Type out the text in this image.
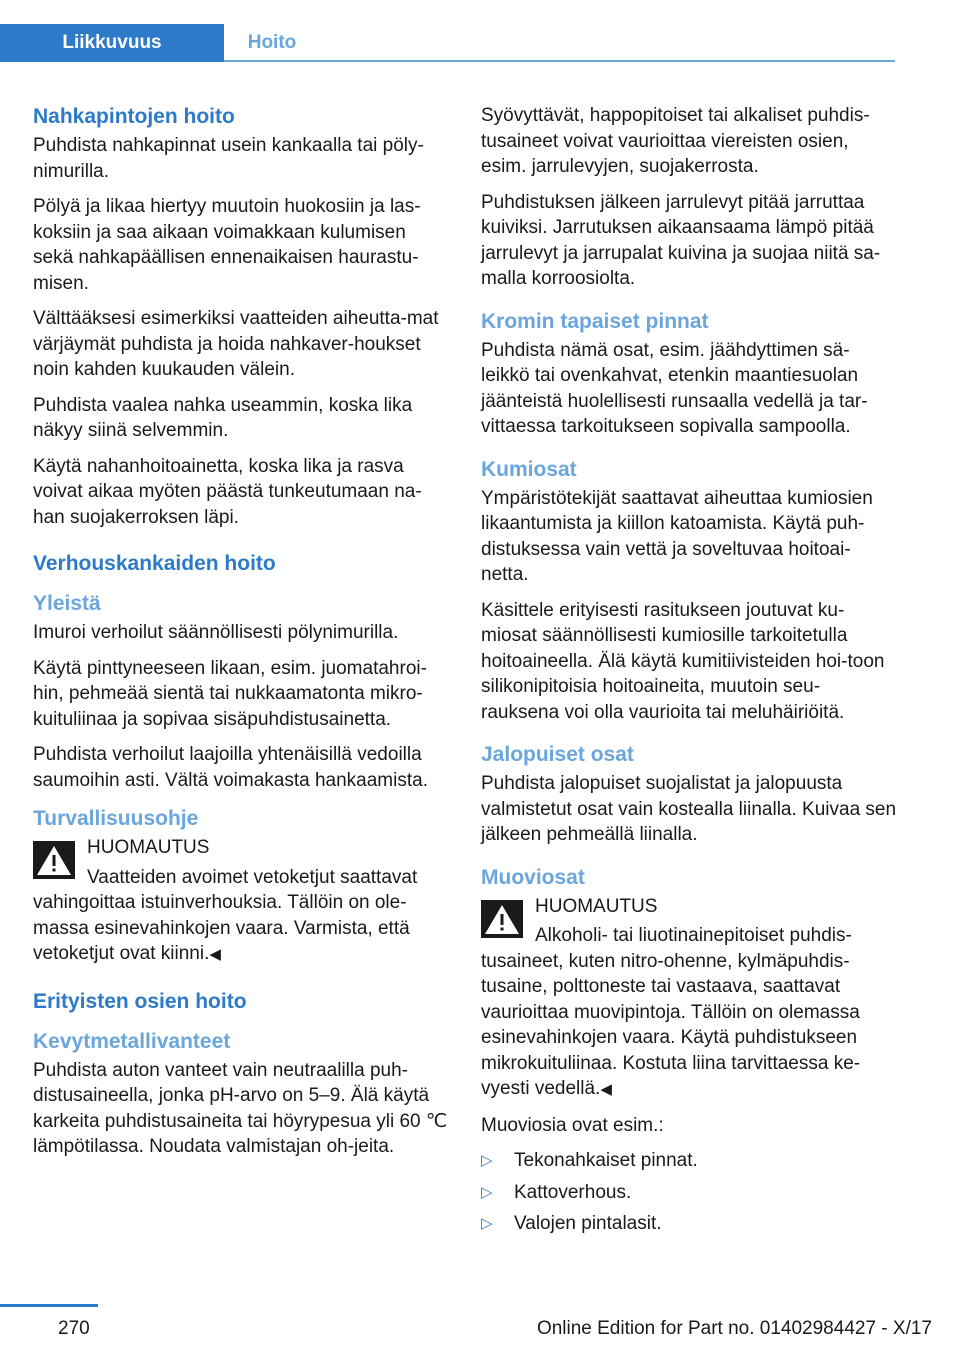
Liikkuvuus	Hoito
Nahkapintojen hoito

Puhdista nahkapinnat usein kankaalla tai pöly‐nimurilla.

Pölyä ja likaa hiertyy muutoin huokosiin ja las‐koksiin ja saa aikaan voimakkaan kulumisen sekä nahkapäällisen ennenaikaisen haurastu‐misen.

Välttääksesi esimerkiksi vaatteiden aiheutta‐mat värjäymät puhdista ja hoida nahkaver‐houkset noin kahden kuukauden välein.

Puhdista vaalea nahka useammin, koska lika näkyy siinä selvemmin.

Käytä nahanhoitoainetta, koska lika ja rasva voivat aikaa myöten päästä tunkeutumaan na‐han suojakerroksen läpi.

Verhouskankaiden hoito
Yleistä

Imuroi verhoilut säännöllisesti pölynimurilla.

Käytä pinttyneeseen likaan, esim. juomatahroi‐hin, pehmeää sientä tai nukkaamatonta mikro‐kuituliinaa ja sopivaa sisäpuhdistusainetta.

Puhdista verhoilut laajoilla yhtenäisillä vedoilla saumoihin asti. Vältä voimakasta hankaamista.

Turvallisuusohje

HUOMAUTUS

Vaatteiden avoimet vetoketjut saattavat vahingoittaa istuinverhouksia. Tällöin on ole‐massa esinevahinkojen vaara. Varmista, että vetoketjut ovat kiinni.◀

Erityisten osien hoito
Kevytmetallivanteet

Puhdista auton vanteet vain neutraalilla puh‐distusaineella, jonka pH-arvo on 5–9. Älä käytä karkeita puhdistusaineita tai höyrypesua yli 60 ℃ lämpötilassa. Noudata valmistajan oh‐jeita.

Syövyttävät, happopitoiset tai alkaliset puhdis‐tusaineet voivat vaurioittaa viereisten osien, esim. jarrulevyjen, suojakerrosta.

Puhdistuksen jälkeen jarrulevyt pitää jarruttaa kuiviksi. Jarrutuksen aikaansaama lämpö pitää jarrulevyt ja jarrupalat kuivina ja suojaa niitä sa‐malla korroosiolta.

Kromin tapaiset pinnat

Puhdista nämä osat, esim. jäähdyttimen sä‐leikkö tai ovenkahvat, etenkin maantiesuolan jäänteistä huolellisesti runsaalla vedellä ja tar‐vittaessa tarkoitukseen sopivalla sampoolla.

Kumiosat

Ympäristötekijät saattavat aiheuttaa kumiosien likaantumista ja kiillon katoamista. Käytä puh‐distuksessa vain vettä ja soveltuvaa hoitoai‐netta.

Käsittele erityisesti rasitukseen joutuvat ku‐miosat säännöllisesti kumiosille tarkoitetulla hoitoaineella. Älä käytä kumitiivisteiden hoi‐toon silikonipitoisia hoitoaineita, muutoin seu‐rauksena voi olla vaurioita tai meluhäiriöitä.

Jalopuiset osat

Puhdista jalopuiset suojalistat ja jalopuusta valmistetut osat vain kostealla liinalla. Kuivaa sen jälkeen pehmeällä liinalla.

Muoviosat

HUOMAUTUS

Alkoholi- tai liuotinainepitoiset puhdis‐tusaineet, kuten nitro-ohenne, kylmäpuhdis‐tusaine, polttoneste tai vastaava, saattavat vaurioittaa muovipintoja. Tällöin on olemassa esinevahinkojen vaara. Käytä puhdistukseen mikrokuituliinaa. Kostuta liina tarvittaessa ke‐vyesti vedellä.◀

Muoviosia ovat esim.:

▷ Tekonahkaiset pinnat.
▷ Kattoverhous.
▷ Valojen pintalasit.
270	Online Edition for Part no. 01402984427 - X/17
